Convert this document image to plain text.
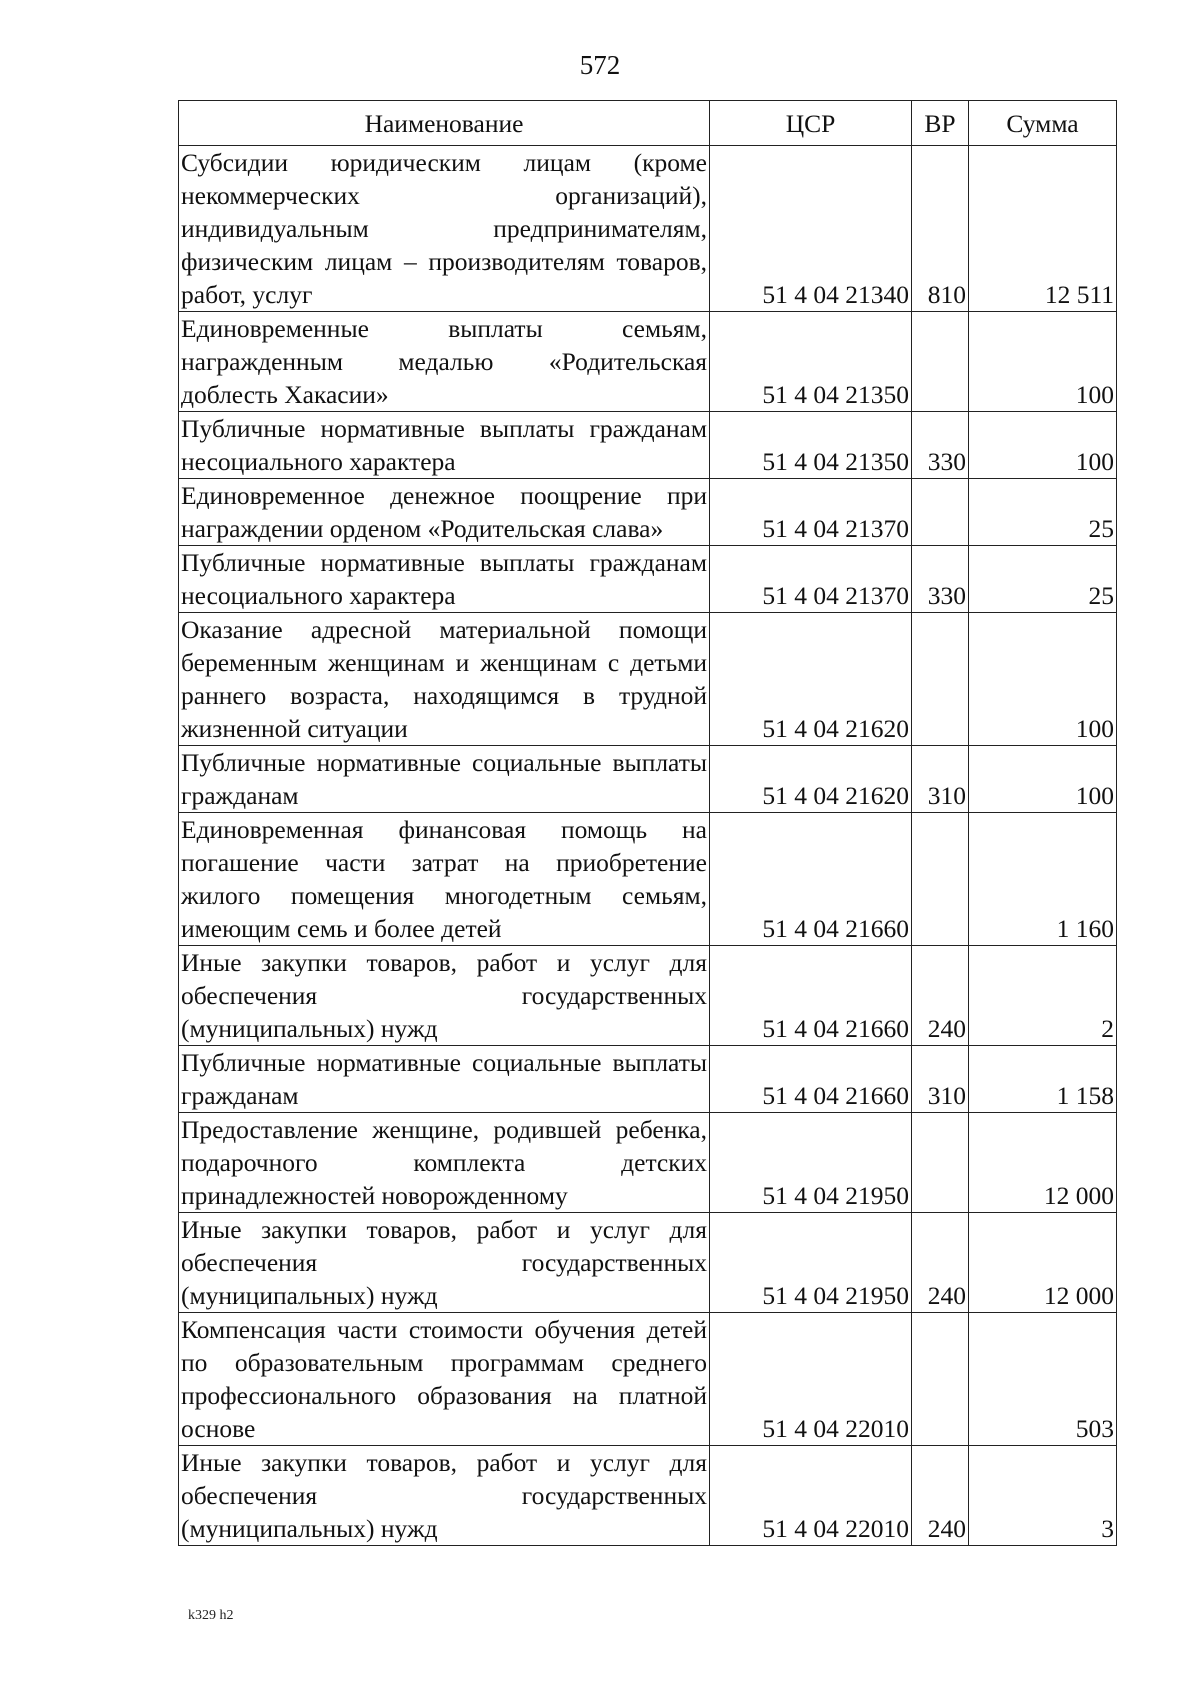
572
Наименование	ЦСР	ВР	Сумма
Субсидии юридическим лицам (кроме некоммерческих организаций), индивидуальным предпринимателям, физическим лицам – производителям товаров, работ, услуг	51 4 04 21340	810	12 511
Единовременные выплаты семьям, награжденным медалью «Родительская доблесть Хакасии»	51 4 04 21350		100
Публичные нормативные выплаты гражданам несоциального характера	51 4 04 21350	330	100
Единовременное денежное поощрение при награждении орденом «Родительская слава»	51 4 04 21370		25
Публичные нормативные выплаты гражданам несоциального характера	51 4 04 21370	330	25
Оказание адресной материальной помощи беременным женщинам и женщинам с детьми раннего возраста, находящимся в трудной жизненной ситуации	51 4 04 21620		100
Публичные нормативные социальные выплаты гражданам	51 4 04 21620	310	100
Единовременная финансовая помощь на погашение части затрат на приобретение жилого помещения многодетным семьям, имеющим семь и более детей	51 4 04 21660		1 160
Иные закупки товаров, работ и услуг для обеспечения государственных (муниципальных) нужд	51 4 04 21660	240	2
Публичные нормативные социальные выплаты гражданам	51 4 04 21660	310	1 158
Предоставление женщине, родившей ребенка, подарочного комплекта детских принадлежностей новорожденному	51 4 04 21950		12 000
Иные закупки товаров, работ и услуг для обеспечения государственных (муниципальных) нужд	51 4 04 21950	240	12 000
Компенсация части стоимости обучения детей по образовательным программам среднего профессионального образования на платной основе	51 4 04 22010		503
Иные закупки товаров, работ и услуг для обеспечения государственных (муниципальных) нужд	51 4 04 22010	240	3
k329 h2
